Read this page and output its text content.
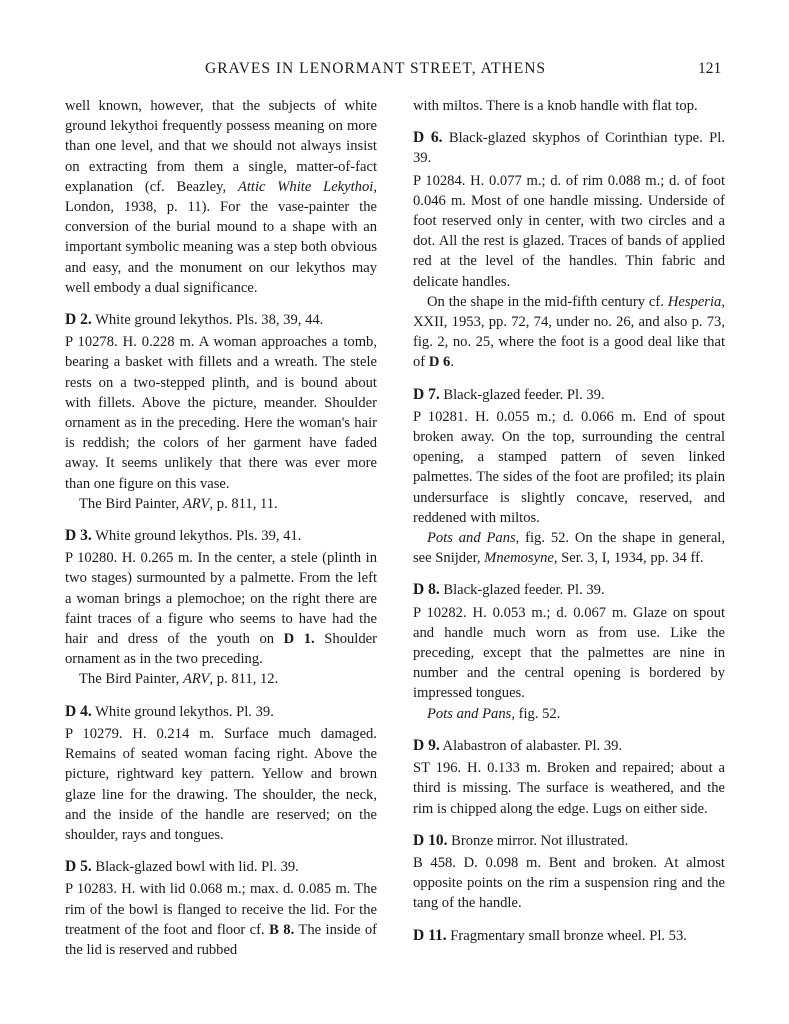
GRAVES IN LENORMANT STREET, ATHENS	121

well known, however, that the subjects of white ground lekythoi frequently possess meaning on more than one level, and that we should not always insist on extracting from them a single, matter-of-fact explanation (cf. Beazley, Attic White Lekythoi, London, 1938, p. 11). For the vase-painter the conversion of the burial mound to a shape with an important symbolic meaning was a step both obvious and easy, and the monument on our lekythos may well embody a dual significance.

D 2. White ground lekythos. Pls. 38, 39, 44.

P 10278. H. 0.228 m. A woman approaches a tomb, bearing a basket with fillets and a wreath. The stele rests on a two-stepped plinth, and is bound about with fillets. Above the picture, meander. Shoulder ornament as in the preceding. Here the woman's hair is reddish; the colors of her garment have faded away. It seems unlikely that there was ever more than one figure on this vase.

The Bird Painter, ARV, p. 811, 11.

D 3. White ground lekythos. Pls. 39, 41.

P 10280. H. 0.265 m. In the center, a stele (plinth in two stages) surmounted by a palmette. From the left a woman brings a plemochoe; on the right there are faint traces of a figure who seems to have had the hair and dress of the youth on D 1. Shoulder ornament as in the two preceding.

The Bird Painter, ARV, p. 811, 12.

D 4. White ground lekythos. Pl. 39.

P 10279. H. 0.214 m. Surface much damaged. Remains of seated woman facing right. Above the picture, rightward key pattern. Yellow and brown glaze line for the drawing. The shoulder, the neck, and the inside of the handle are reserved; on the shoulder, rays and tongues.

D 5. Black-glazed bowl with lid. Pl. 39.

P 10283. H. with lid 0.068 m.; max. d. 0.085 m. The rim of the bowl is flanged to receive the lid. For the treatment of the foot and floor cf. B 8. The inside of the lid is reserved and rubbed

with miltos. There is a knob handle with flat top.

D 6. Black-glazed skyphos of Corinthian type. Pl. 39.

P 10284. H. 0.077 m.; d. of rim 0.088 m.; d. of foot 0.046 m. Most of one handle missing. Underside of foot reserved only in center, with two circles and a dot. All the rest is glazed. Traces of bands of applied red at the level of the handles. Thin fabric and delicate handles.

On the shape in the mid-fifth century cf. Hesperia, XXII, 1953, pp. 72, 74, under no. 26, and also p. 73, fig. 2, no. 25, where the foot is a good deal like that of D 6.

D 7. Black-glazed feeder. Pl. 39.

P 10281. H. 0.055 m.; d. 0.066 m. End of spout broken away. On the top, surrounding the central opening, a stamped pattern of seven linked palmettes. The sides of the foot are profiled; its plain undersurface is slightly concave, reserved, and reddened with miltos.

Pots and Pans, fig. 52. On the shape in general, see Snijder, Mnemosyne, Ser. 3, I, 1934, pp. 34 ff.

D 8. Black-glazed feeder. Pl. 39.

P 10282. H. 0.053 m.; d. 0.067 m. Glaze on spout and handle much worn as from use. Like the preceding, except that the palmettes are nine in number and the central opening is bordered by impressed tongues.

Pots and Pans, fig. 52.

D 9. Alabastron of alabaster. Pl. 39.

ST 196. H. 0.133 m. Broken and repaired; about a third is missing. The surface is weathered, and the rim is chipped along the edge. Lugs on either side.

D 10. Bronze mirror. Not illustrated.

B 458. D. 0.098 m. Bent and broken. At almost opposite points on the rim a suspension ring and the tang of the handle.

D 11. Fragmentary small bronze wheel. Pl. 53.
